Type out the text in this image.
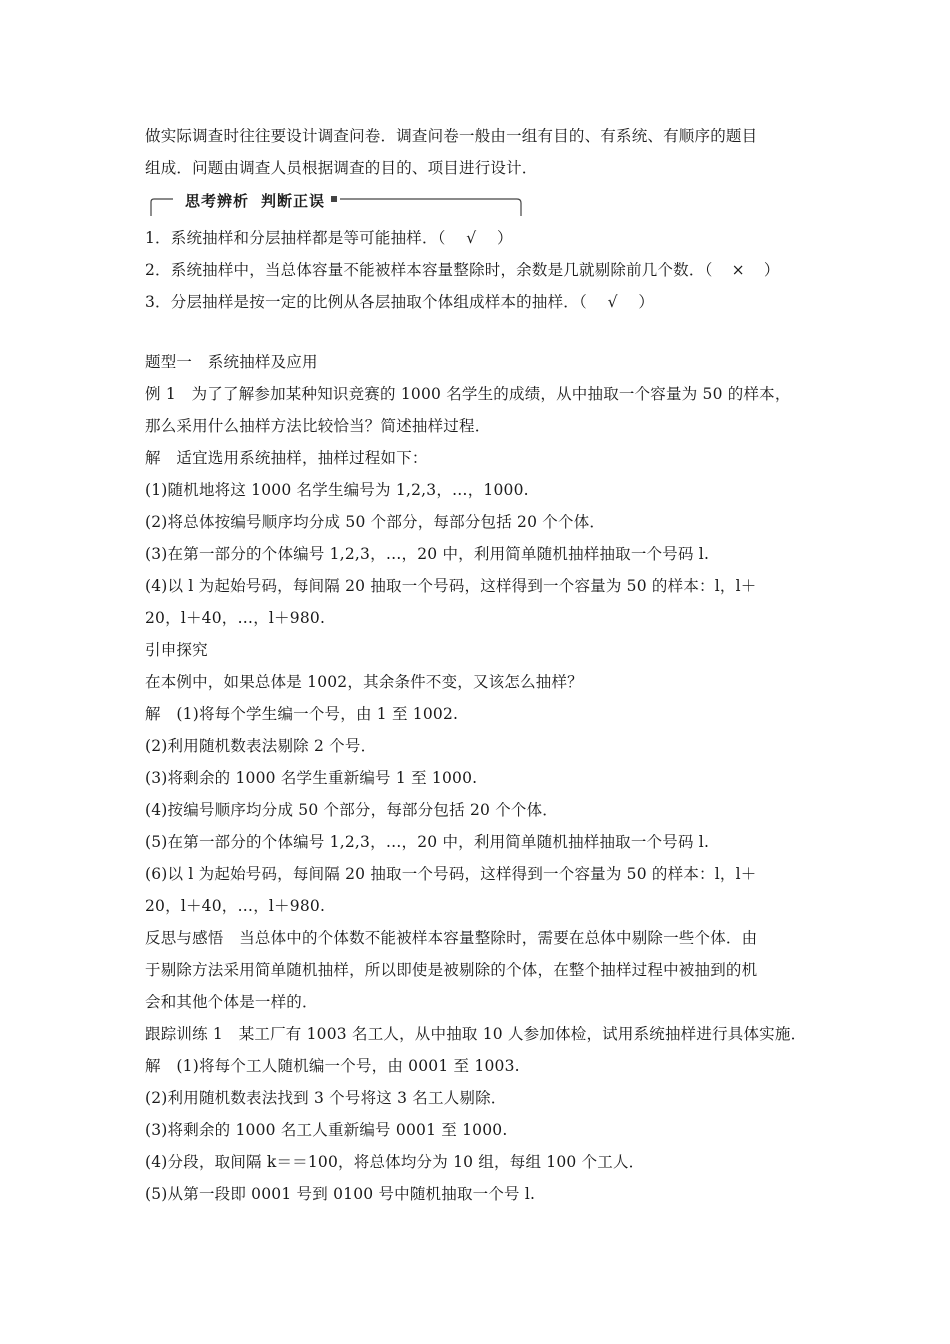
做实际调查时往往要设计调查问卷．调查问卷一般由一组有目的、有系统、有顺序的题目
组成．问题由调查人员根据调查的目的、项目进行设计．
思考辨析 判断正误
1．系统抽样和分层抽样都是等可能抽样．（　√　）
2．系统抽样中，当总体容量不能被样本容量整除时，余数是几就剔除前几个数．（　×　）
3．分层抽样是按一定的比例从各层抽取个体组成样本的抽样．（　√　）
题型一　系统抽样及应用
例 1　为了了解参加某种知识竞赛的 1000 名学生的成绩，从中抽取一个容量为 50 的样本，
那么采用什么抽样方法比较恰当？简述抽样过程．
解　适宜选用系统抽样，抽样过程如下：
(1)随机地将这 1000 名学生编号为 1,2,3，…，1000.
(2)将总体按编号顺序均分成 50 个部分，每部分包括 20 个个体．
(3)在第一部分的个体编号 1,2,3，…，20 中，利用简单随机抽样抽取一个号码 l.
(4)以 l 为起始号码，每间隔 20 抽取一个号码，这样得到一个容量为 50 的样本：l，l＋
20，l＋40，…，l＋980.
引申探究
在本例中，如果总体是 1002，其余条件不变，又该怎么抽样？
解　(1)将每个学生编一个号，由 1 至 1002.
(2)利用随机数表法剔除 2 个号．
(3)将剩余的 1000 名学生重新编号 1 至 1000.
(4)按编号顺序均分成 50 个部分，每部分包括 20 个个体．
(5)在第一部分的个体编号 1,2,3，…，20 中，利用简单随机抽样抽取一个号码 l.
(6)以 l 为起始号码，每间隔 20 抽取一个号码，这样得到一个容量为 50 的样本：l，l＋
20，l＋40，…，l＋980.
反思与感悟　当总体中的个体数不能被样本容量整除时，需要在总体中剔除一些个体．由
于剔除方法采用简单随机抽样，所以即使是被剔除的个体，在整个抽样过程中被抽到的机
会和其他个体是一样的．
跟踪训练 1　某工厂有 1003 名工人，从中抽取 10 人参加体检，试用系统抽样进行具体实施．
解　(1)将每个工人随机编一个号，由 0001 至 1003.
(2)利用随机数表法找到 3 个号将这 3 名工人剔除．
(3)将剩余的 1000 名工人重新编号 0001 至 1000.
(4)分段，取间隔 k＝＝100，将总体均分为 10 组，每组 100 个工人．
(5)从第一段即 0001 号到 0100 号中随机抽取一个号 l.
